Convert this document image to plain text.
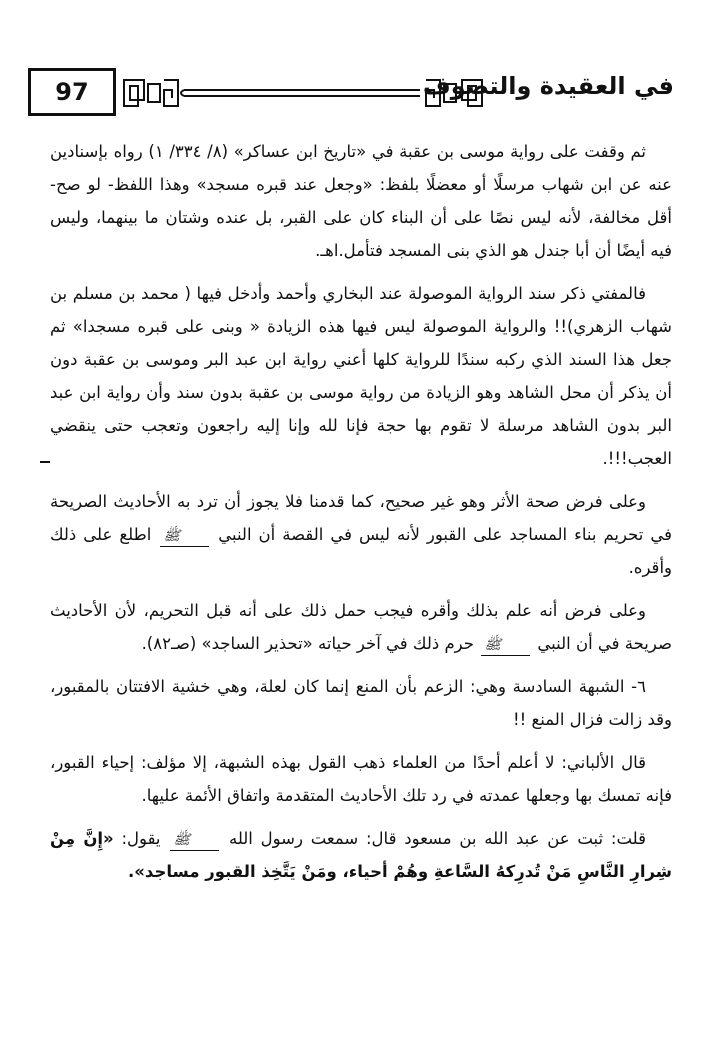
97	في العقيدة والتصوف

ثم وقفت على رواية موسى بن عقبة في «تاريخ ابن عساكر» (٨/ ٣٣٤/ ١) رواه بإسنادين عنه عن ابن شهاب مرسلًا أو معضلًا بلفظ: «وجعل عند قبره مسجد» وهذا اللفظ- لو صح- أقل مخالفة، لأنه ليس نصًا على أن البناء كان على القبر، بل عنده وشتان ما بينهما، وليس فيه أيضًا أن أبا جندل هو الذي بنى المسجد فتأمل.اهـ.

فالمفتي ذكر سند الرواية الموصولة عند البخاري وأحمد وأدخل فيها ( محمد بن مسلم بن شهاب الزهري)!! والرواية الموصولة ليس فيها هذه الزيادة « وبنى على قبره مسجدا» ثم جعل هذا السند الذي ركبه سندًا للرواية كلها أعني رواية ابن عبد البر وموسى بن عقبة دون أن يذكر أن محل الشاهد وهو الزيادة من رواية موسى بن عقبة بدون سند وأن رواية ابن عبد البر بدون الشاهد مرسلة لا تقوم بها حجة فإنا لله وإنا إليه راجعون وتعجب حتى ينقضي العجب!!!.

وعلى فرض صحة الأثر وهو غير صحيح، كما قدمنا فلا يجوز أن ترد به الأحاديث الصريحة في تحريم بناء المساجد على القبور لأنه ليس في القصة أن النبي ﷺ اطلع على ذلك وأقره.

وعلى فرض أنه علم بذلك وأقره فيجب حمل ذلك على أنه قبل التحريم، لأن الأحاديث صريحة في أن النبي ﷺ حرم ذلك في آخر حياته «تحذير الساجد» (صـ٨٢).

٦- الشبهة السادسة وهي: الزعم بأن المنع إنما كان لعلة، وهي خشية الافتتان بالمقبور، وقد زالت فزال المنع !!

قال الألباني: لا أعلم أحدًا من العلماء ذهب القول بهذه الشبهة، إلا مؤلف: إحياء القبور، فإنه تمسك بها وجعلها عمدته في رد تلك الأحاديث المتقدمة واتفاق الأئمة عليها.

قلت: ثبت عن عبد الله بن مسعود قال: سمعت رسول الله ﷺ يقول: «إِنَّ مِنْ شِرارِ النَّاسِ مَنْ تُدرِكهُ السَّاعةِ وهُمْ أحياء، ومَنْ يَتَّخِذ القبور مساجد».
